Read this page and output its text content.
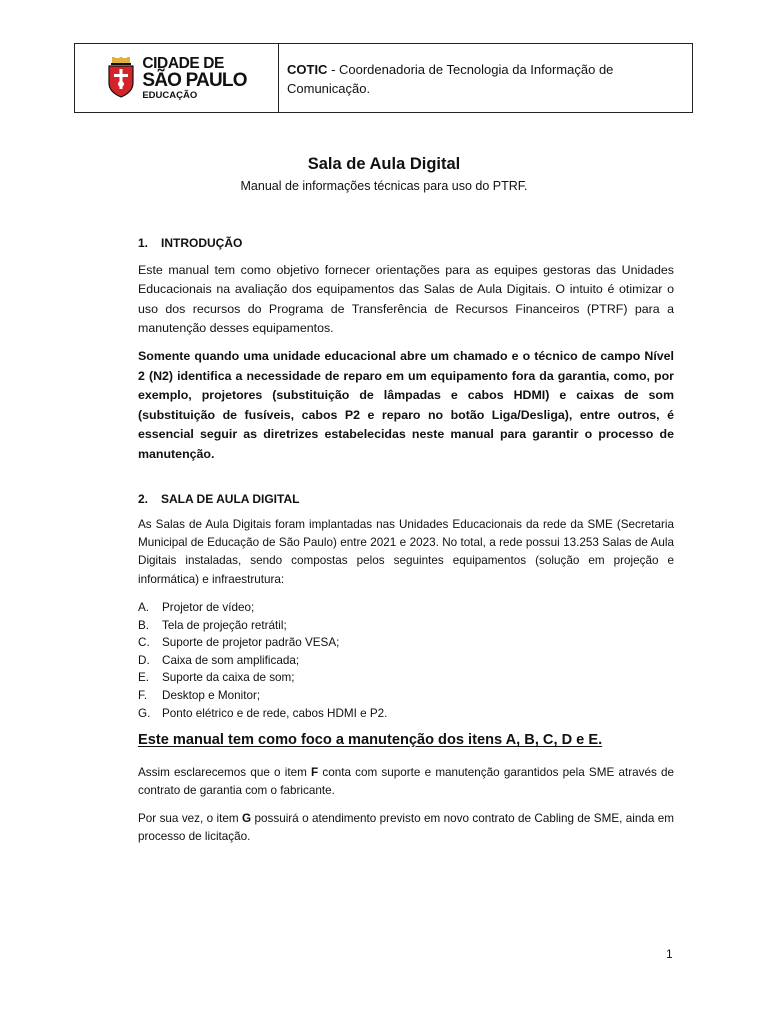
CIDADE DE
SÃO PAULO
EDUCAÇÃO
COTIC - Coordenadoria de Tecnologia da Informação de Comunicação.
Sala de Aula Digital
Manual de informações técnicas para uso do PTRF.
1. INTRODUÇÃO
Este manual tem como objetivo fornecer orientações para as equipes gestoras das Unidades Educacionais na avaliação dos equipamentos das Salas de Aula Digitais. O intuito é otimizar o uso dos recursos do Programa de Transferência de Recursos Financeiros (PTRF) para a manutenção desses equipamentos.
Somente quando uma unidade educacional abre um chamado e o técnico de campo Nível 2 (N2) identifica a necessidade de reparo em um equipamento fora da garantia, como, por exemplo, projetores (substituição de lâmpadas e cabos HDMI) e caixas de som (substituição de fusíveis, cabos P2 e reparo no botão Liga/Desliga), entre outros, é essencial seguir as diretrizes estabelecidas neste manual para garantir o processo de manutenção.
2. SALA DE AULA DIGITAL
As Salas de Aula Digitais foram implantadas nas Unidades Educacionais da rede da SME (Secretaria Municipal de Educação de São Paulo) entre 2021 e 2023. No total, a rede possui 13.253 Salas de Aula Digitais instaladas, sendo compostas pelos seguintes equipamentos (solução em projeção e informática) e infraestrutura:
A.	Projetor de vídeo;
B.	Tela de projeção retrátil;
C.	Suporte de projetor padrão VESA;
D.	Caixa de som amplificada;
E.	Suporte da caixa de som;
F.	Desktop e Monitor;
G. Ponto elétrico e de rede, cabos HDMI e P2.
Este manual tem como foco a manutenção dos itens A, B, C, D e E.
Assim esclarecemos que o item F conta com suporte e manutenção garantidos pela SME através de contrato de garantia com o fabricante.
Por sua vez, o item G possuirá o atendimento previsto em novo contrato de Cabling de SME, ainda em processo de licitação.
1
